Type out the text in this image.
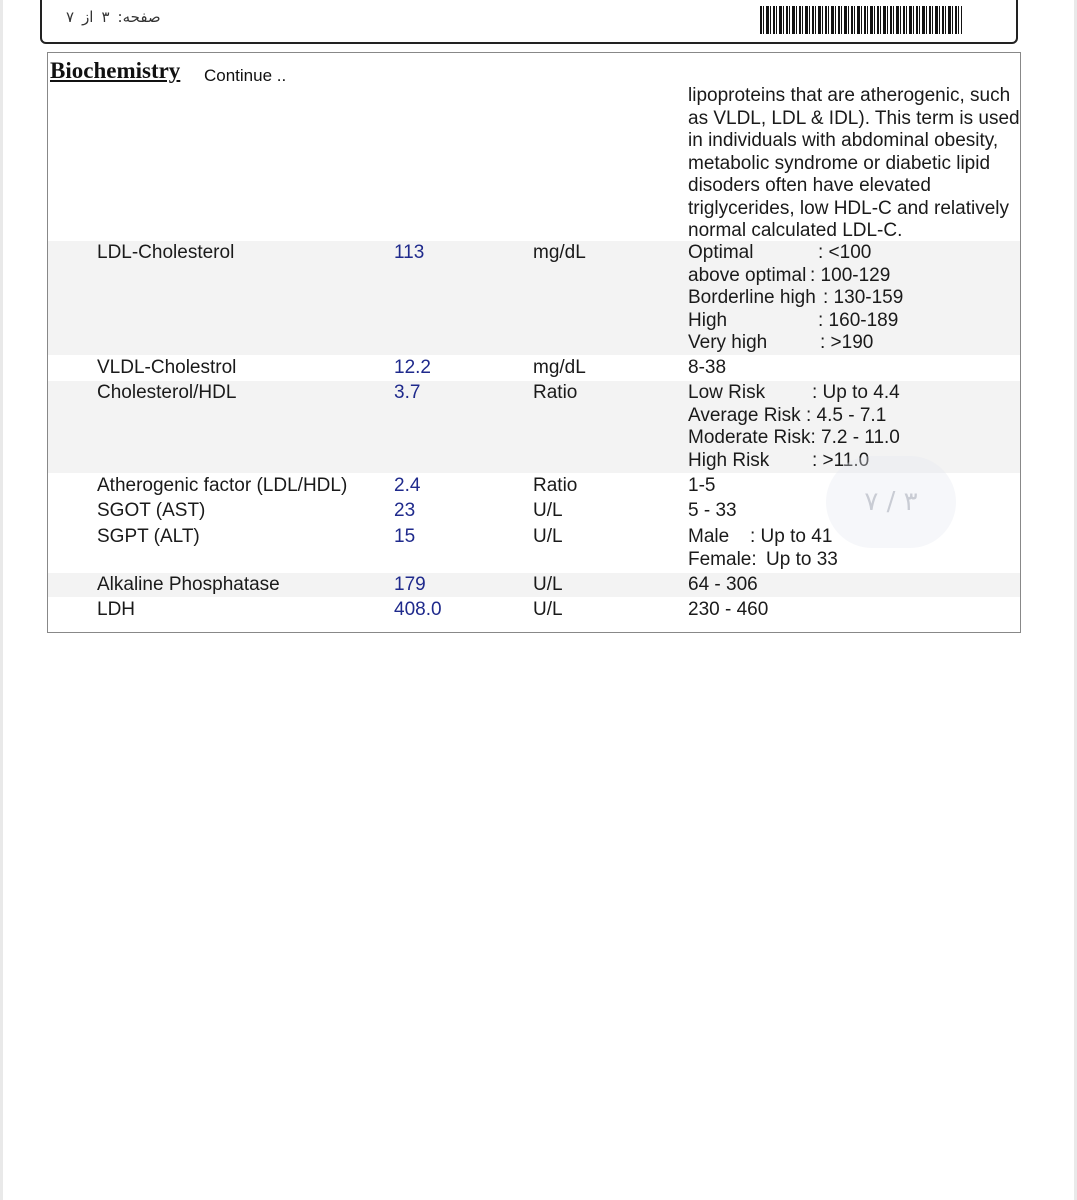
صفحه:۳از۷
Biochemistry Continue ..
lipoproteins that are atherogenic, such
as VLDL, LDL & IDL). This term is used
in individuals with abdominal obesity,
metabolic syndrome or diabetic lipid
disoders often have elevated
triglycerides, low HDL-C and relatively
normal calculated LDL-C.
LDL-Cholesterol	113	mg/dL	Optimal	: <100
above optimal : 100-129
Borderline high : 130-159
High	: 160-189
Very high	: >190
VLDL-Cholestrol	12.2	mg/dL	8-38
Cholesterol/HDL	3.7	Ratio	Low Risk : Up to 4.4
Average Risk : 4.5 - 7.1
Moderate Risk: 7.2 - 11.0
High Risk : >11.0
Atherogenic factor (LDL/HDL) 2.4	Ratio	1-5
SGOT (AST)	23	U/L	5 - 33
SGPT (ALT)	15	U/L	Male : Up to 41
Female: Up to 33
Alkaline Phosphatase	179	U/L	64 - 306
LDH	408.0	U/L	230 - 460
۷ / ۳
